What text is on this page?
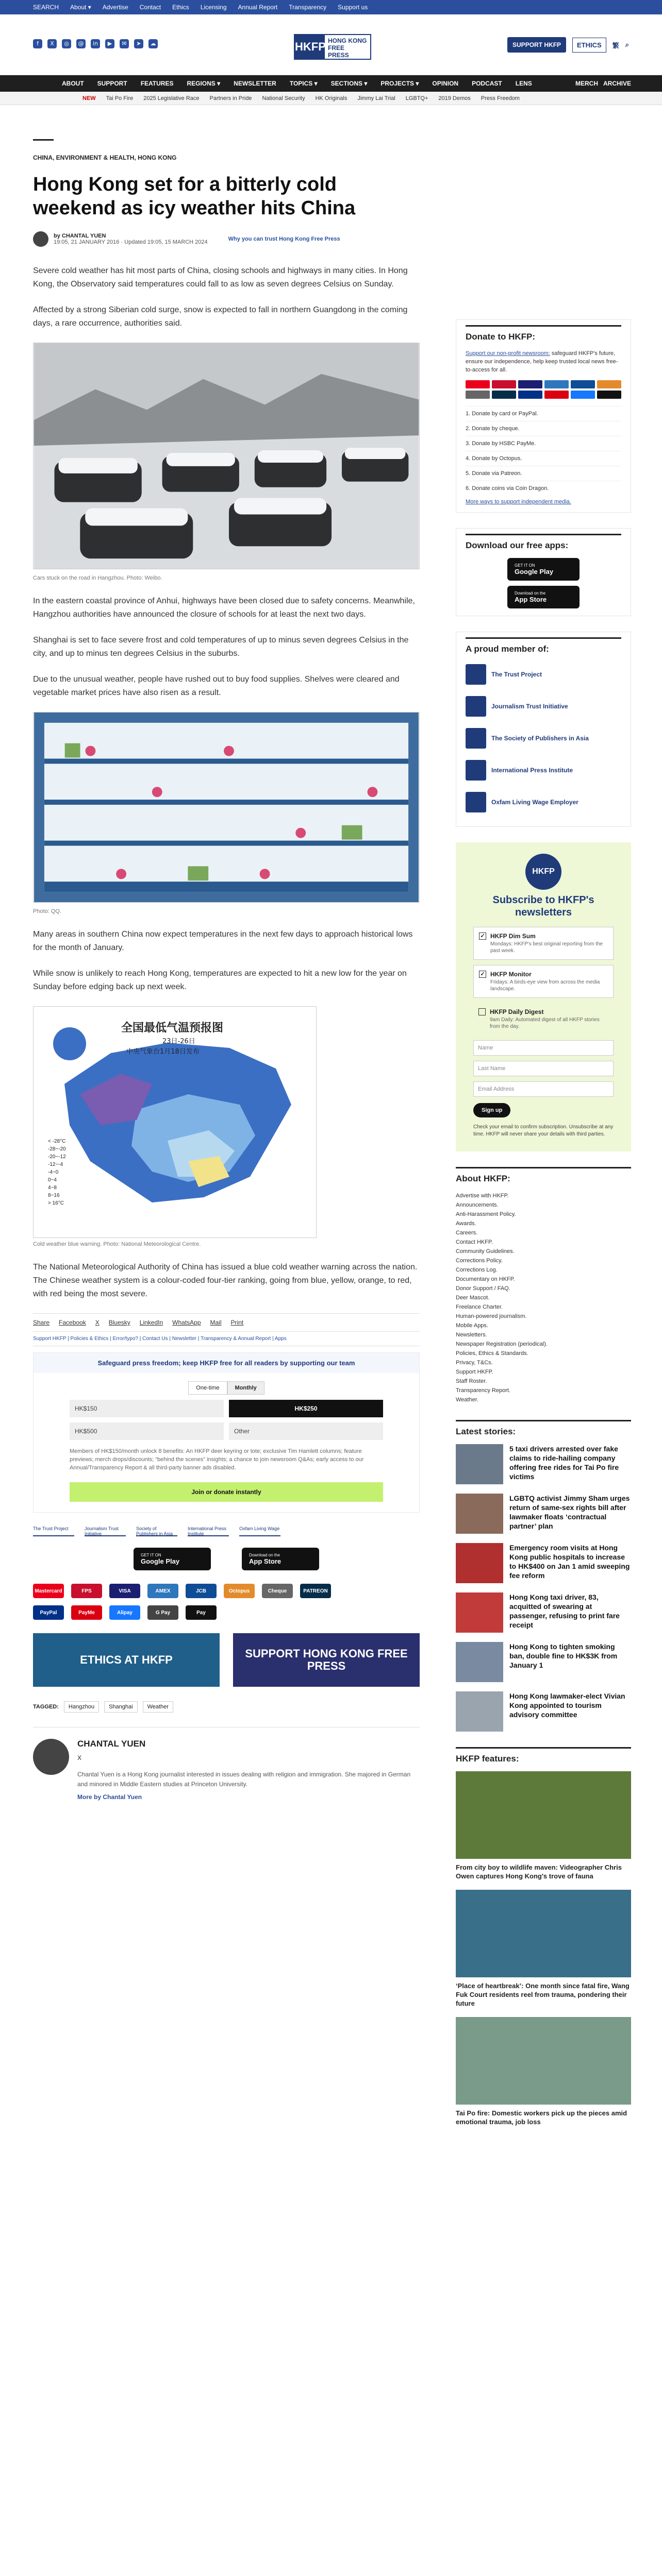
SEARCH About ▾ Advertise Contact Ethics Licensing Annual Report Transparency Support us
f	X	◎	@	in	▶	✉	➤	☁	HKFP HONG KONG FREE PRESS
SUPPORT HKFP	ETHICS	繁 ⌕
ABOUT SUPPORT FEATURES REGIONS ▾ NEWSLETTER TOPICS ▾ SECTIONS ▾ PROJECTS ▾ OPINION PODCAST LENS	MERCH ARCHIVE
NEW Tai Po Fire 2025 Legislative Race Partners in Pride National Security HK Originals Jimmy Lai Trial LGBTQ+ 2019 Demos Press Freedom
CHINA, ENVIRONMENT & HEALTH, HONG KONG
Hong Kong set for a bitterly cold weekend as icy weather hits China
by CHANTAL YUEN
19:05, 21 JANUARY 2016 · Updated 19:05, 15 MARCH 2024	Why you can trust Hong Kong Free Press

Severe cold weather has hit most parts of China, closing schools and highways in many cities. In Hong Kong, the Observatory said temperatures could fall to as low as seven degrees Celsius on Sunday.

Affected by a strong Siberian cold surge, snow is expected to fall in northern Guangdong in the coming days, a rare occurrence, authorities said.

Cars stuck on the road in Hangzhou. Photo: Weibo.

In the eastern coastal province of Anhui, highways have been closed due to safety concerns. Meanwhile, Hangzhou authorities have announced the closure of schools for at least the next two days.

Shanghai is set to face severe frost and cold temperatures of up to minus seven degrees Celsius in the city, and up to minus ten degrees Celsius in the suburbs.

Due to the unusual weather, people have rushed out to buy food supplies. Shelves were cleared and vegetable market prices have also risen as a result.

Photo: QQ.

Many areas in southern China now expect temperatures in the next few days to approach historical lows for the month of January.

While snow is unlikely to reach Hong Kong, temperatures are expected to hit a new low for the year on Sunday before edging back up next week.

全国最低气温预报图
23日-26日
中央气象台1月18日发布
< -28°C
-28~-20
-20~-12
-12~-4
-4~0
0~4
4~8
8~16
> 16°C
Cold weather blue warning. Photo: National Meteorological Centre.

The National Meteorological Authority of China has issued a blue cold weather warning across the nation. The Chinese weather system is a colour-coded four-tier ranking, going from blue, yellow, orange, to red, with red being the most severe.

Share Facebook X Bluesky LinkedIn WhatsApp Mail Print
Support HKFP | Policies & Ethics | Error/typo? | Contact Us | Newsletter | Transparency & Annual Report | Apps
Safeguard press freedom; keep HKFP free for all readers by supporting our team
One-time	Monthly
HK$150	HK$250
HK$500	Other
Members of HK$150/month unlock 8 benefits: An HKFP deer keyring or tote; exclusive Tim Hamlett columns; feature previews; merch drops/discounts; “behind the scenes” insights; a chance to join newsroom Q&As; early access to our Annual/Transparency Report & all third-party banner ads disabled.
Join or donate instantly
The Trust Project	Journalism Trust Initiative
Society of Publishers in Asia
International Press Institute
Oxfam Living Wage
GET IT ON
Google Play
Download on the
App Store
Mastercard	FPS	VISA	AMEX	JCB	Octopus	Cheque	PATREON
PayPal	PayMe	Alipay	G Pay	Pay
ETHICS AT HKFP	SUPPORT HONG KONG FREE PRESS
TAGGED:	Hangzhou	Shanghai	Weather
CHANTAL YUEN
X
Chantal Yuen is a Hong Kong journalist interested in issues dealing with religion and immigration. She majored in German and minored in Middle Eastern studies at Princeton University.
More by Chantal Yuen
Donate to HKFP:
Support our non-profit newsroom: safeguard HKFP's future, ensure our independence, help keep trusted local news free-to-access for all.
1. Donate by card or PayPal.
2. Donate by cheque.
3. Donate by HSBC PayMe.
4. Donate by Octopus.
5. Donate via Patreon.
6. Donate coins via Coin Dragon.
More ways to support independent media.
Download our free apps:
GET IT ON
Google Play
Download on the
App Store
A proud member of:
The Trust Project
Journalism Trust Initiative
The Society of Publishers in Asia
International Press Institute
Oxfam Living Wage Employer
HKFP
Subscribe to HKFP's newsletters
✓ HKFP Dim Sum
Mondays: HKFP's best original reporting from the past week.
✓ HKFP Monitor
Fridays: A birds-eye view from across the media landscape.
HKFP Daily Digest
9am Daily: Automated digest of all HKFP stories from the day.
Name
Last Name
Email Address
Sign up
Check your email to confirm subscription. Unsubscribe at any time. HKFP will never share your details with third parties.
About HKFP:
Advertise with HKFP.
Announcements.
Anti-Harassment Policy.
Awards.
Careers.
Contact HKFP.
Community Guidelines.
Corrections Policy.
Corrections Log.
Documentary on HKFP.
Donor Support / FAQ.
Deer Mascot.
Freelance Charter.
Human-powered journalism.
Mobile Apps.
Newsletters.
Newspaper Registration (periodical).
Policies, Ethics & Standards.
Privacy, T&Cs.
Support HKFP.
Staff Roster.
Transparency Report.
Weather.
Latest stories:
5 taxi drivers arrested over fake claims to ride-hailing company offering free rides for Tai Po fire victims
LGBTQ activist Jimmy Sham urges return of same-sex rights bill after lawmaker floats ‘contractual partner’ plan
Emergency room visits at Hong Kong public hospitals to increase to HK$400 on Jan 1 amid sweeping fee reform
Hong Kong taxi driver, 83, acquitted of swearing at passenger, refusing to print fare receipt
Hong Kong to tighten smoking ban, double fine to HK$3K from January 1
Hong Kong lawmaker-elect Vivian Kong appointed to tourism advisory committee
HKFP features:
From city boy to wildlife maven: Videographer Chris Owen captures Hong Kong's trove of fauna
‘Place of heartbreak’: One month since fatal fire, Wang Fuk Court residents reel from trauma, pondering their future
Tai Po fire: Domestic workers pick up the pieces amid emotional trauma, job loss
